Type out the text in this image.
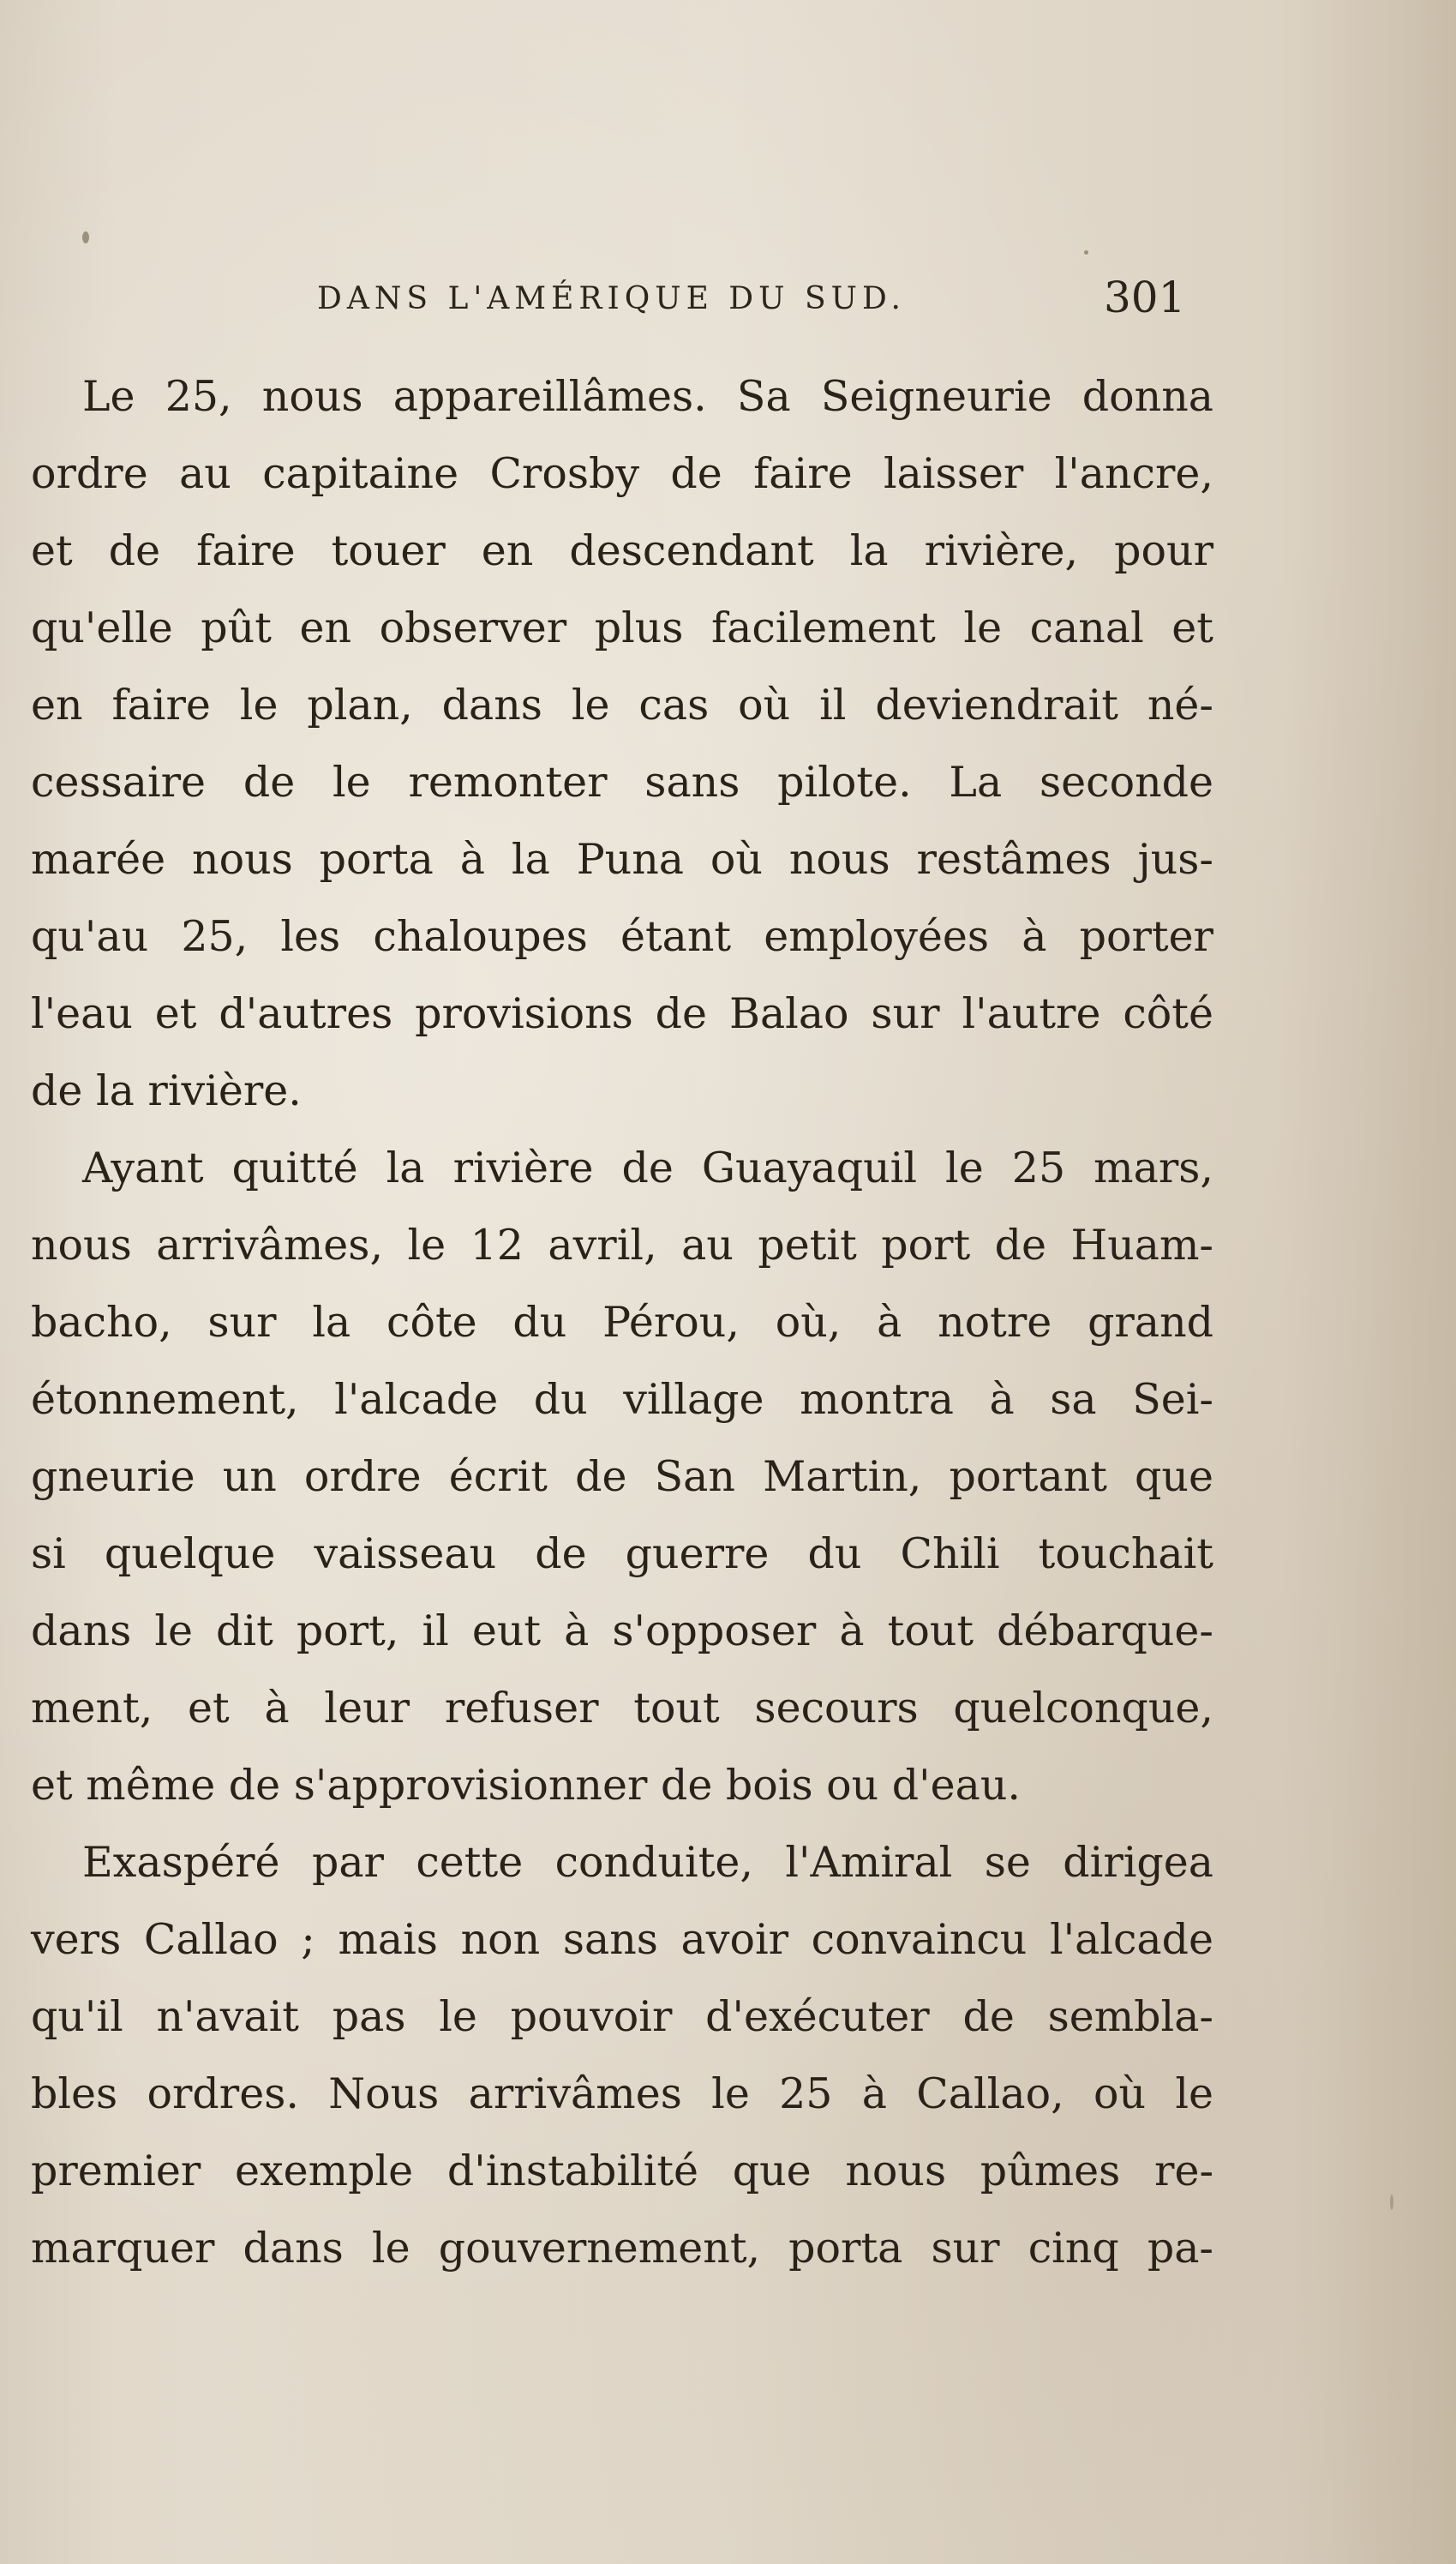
DANS L'AMÉRIQUE DU SUD.	301
Le 25, nous appareillâmes. Sa Seigneurie donna
ordre au capitaine Crosby de faire laisser l'ancre,
et de faire touer en descendant la rivière, pour
qu'elle pût en observer plus facilement le canal et
en faire le plan, dans le cas où il deviendrait né-
cessaire de le remonter sans pilote. La seconde
marée nous porta à la Puna où nous restâmes jus-
qu'au 25, les chaloupes étant employées à porter
l'eau et d'autres provisions de Balao sur l'autre côté
de la rivière.
Ayant quitté la rivière de Guayaquil le 25 mars,
nous arrivâmes, le 12 avril, au petit port de Huam-
bacho, sur la côte du Pérou, où, à notre grand
étonnement, l'alcade du village montra à sa Sei-
gneurie un ordre écrit de San Martin, portant que
si quelque vaisseau de guerre du Chili touchait
dans le dit port, il eut à s'opposer à tout débarque-
ment, et à leur refuser tout secours quelconque,
et même de s'approvisionner de bois ou d'eau.
Exaspéré par cette conduite, l'Amiral se dirigea
vers Callao ; mais non sans avoir convaincu l'alcade
qu'il n'avait pas le pouvoir d'exécuter de sembla-
bles ordres. Nous arrivâmes le 25 à Callao, où le
premier exemple d'instabilité que nous pûmes re-
marquer dans le gouvernement, porta sur cinq pa-
